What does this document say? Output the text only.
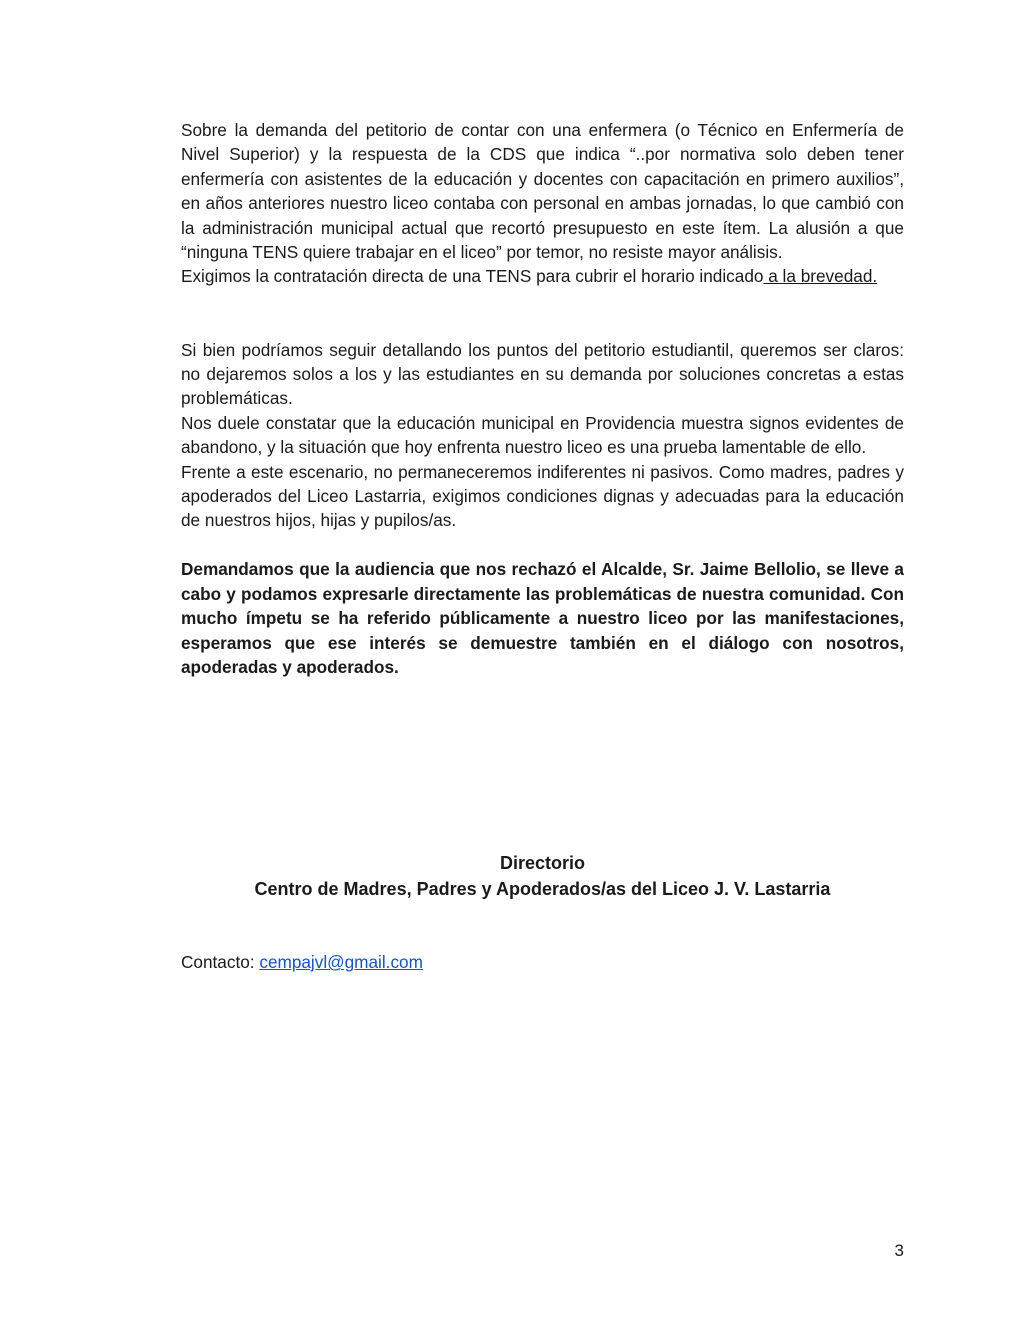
Sobre la demanda del petitorio de contar con una enfermera (o Técnico en Enfermería de Nivel Superior) y la respuesta de la CDS que indica “..por normativa solo deben tener enfermería con asistentes de la educación y docentes con capacitación en primero auxilios”, en años anteriores nuestro liceo contaba con personal en ambas jornadas, lo que cambió con la administración municipal actual que recortó presupuesto en este ítem. La alusión a que “ninguna TENS quiere trabajar en el liceo” por temor, no resiste mayor análisis.

Exigimos la contratación directa de una TENS para cubrir el horario indicado a la brevedad.

Si bien podríamos seguir detallando los puntos del petitorio estudiantil, queremos ser claros: no dejaremos solos a los y las estudiantes en su demanda por soluciones concretas a estas problemáticas.

Nos duele constatar que la educación municipal en Providencia muestra signos evidentes de abandono, y la situación que hoy enfrenta nuestro liceo es una prueba lamentable de ello.

Frente a este escenario, no permaneceremos indiferentes ni pasivos. Como madres, padres y apoderados del Liceo Lastarria, exigimos condiciones dignas y adecuadas para la educación de nuestros hijos, hijas y pupilos/as.

Demandamos que la audiencia que nos rechazó el Alcalde, Sr. Jaime Bellolio, se lleve a cabo y podamos expresarle directamente las problemáticas de nuestra comunidad. Con mucho ímpetu se ha referido públicamente a nuestro liceo por las manifestaciones, esperamos que ese interés se demuestre también en el diálogo con nosotros, apoderadas y apoderados.

Directorio
Centro de Madres, Padres y Apoderados/as del Liceo J. V. Lastarria
Contacto: cempajvl@gmail.com
3
